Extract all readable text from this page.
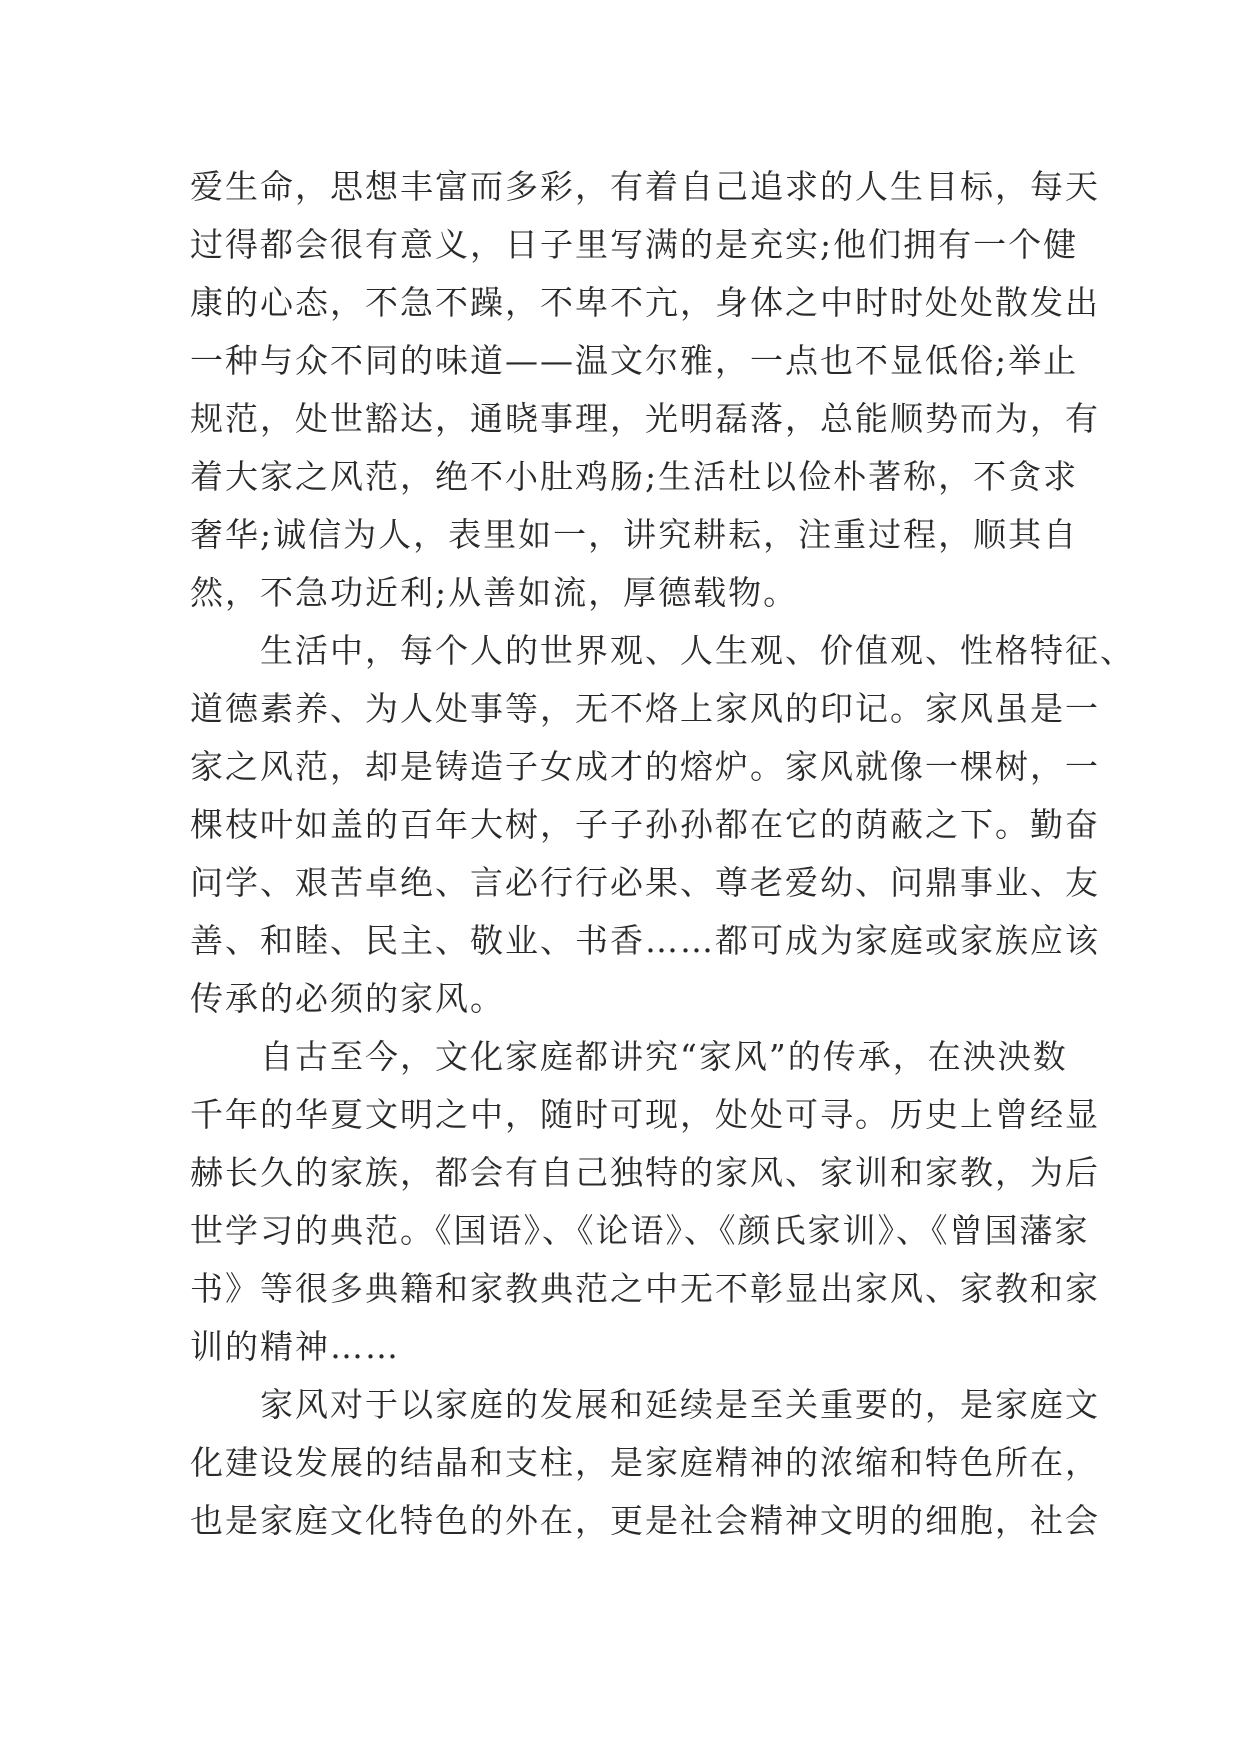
爱生命，思想丰富而多彩，有着自己追求的人生目标，每天
过得都会很有意义，日子里写满的是充实;他们拥有一个健
康的心态，不急不躁，不卑不亢，身体之中时时处处散发出
一种与众不同的味道——温文尔雅，一点也不显低俗;举止
规范，处世豁达，通晓事理，光明磊落，总能顺势而为，有
着大家之风范，绝不小肚鸡肠;生活杜以俭朴著称，不贪求
奢华;诚信为人，表里如一，讲究耕耘，注重过程，顺其自
然，不急功近利;从善如流，厚德载物。
生活中，每个人的世界观、人生观、价值观、性格特征、
道德素养、为人处事等，无不烙上家风的印记。家风虽是一
家之风范，却是铸造子女成才的熔炉。家风就像一棵树，一
棵枝叶如盖的百年大树，子子孙孙都在它的荫蔽之下。勤奋
问学、艰苦卓绝、言必行行必果、尊老爱幼、问鼎事业、友
善、和睦、民主、敬业、书香……都可成为家庭或家族应该
传承的必须的家风。
自古至今，文化家庭都讲究“家风”的传承，在泱泱数
千年的华夏文明之中，随时可现，处处可寻。历史上曾经显
赫长久的家族，都会有自己独特的家风、家训和家教，为后
世学习的典范。《国语》、《论语》、《颜氏家训》、《曾国藩家
书》等很多典籍和家教典范之中无不彰显出家风、家教和家
训的精神……
家风对于以家庭的发展和延续是至关重要的，是家庭文
化建设发展的结晶和支柱，是家庭精神的浓缩和特色所在，
也是家庭文化特色的外在，更是社会精神文明的细胞，社会
